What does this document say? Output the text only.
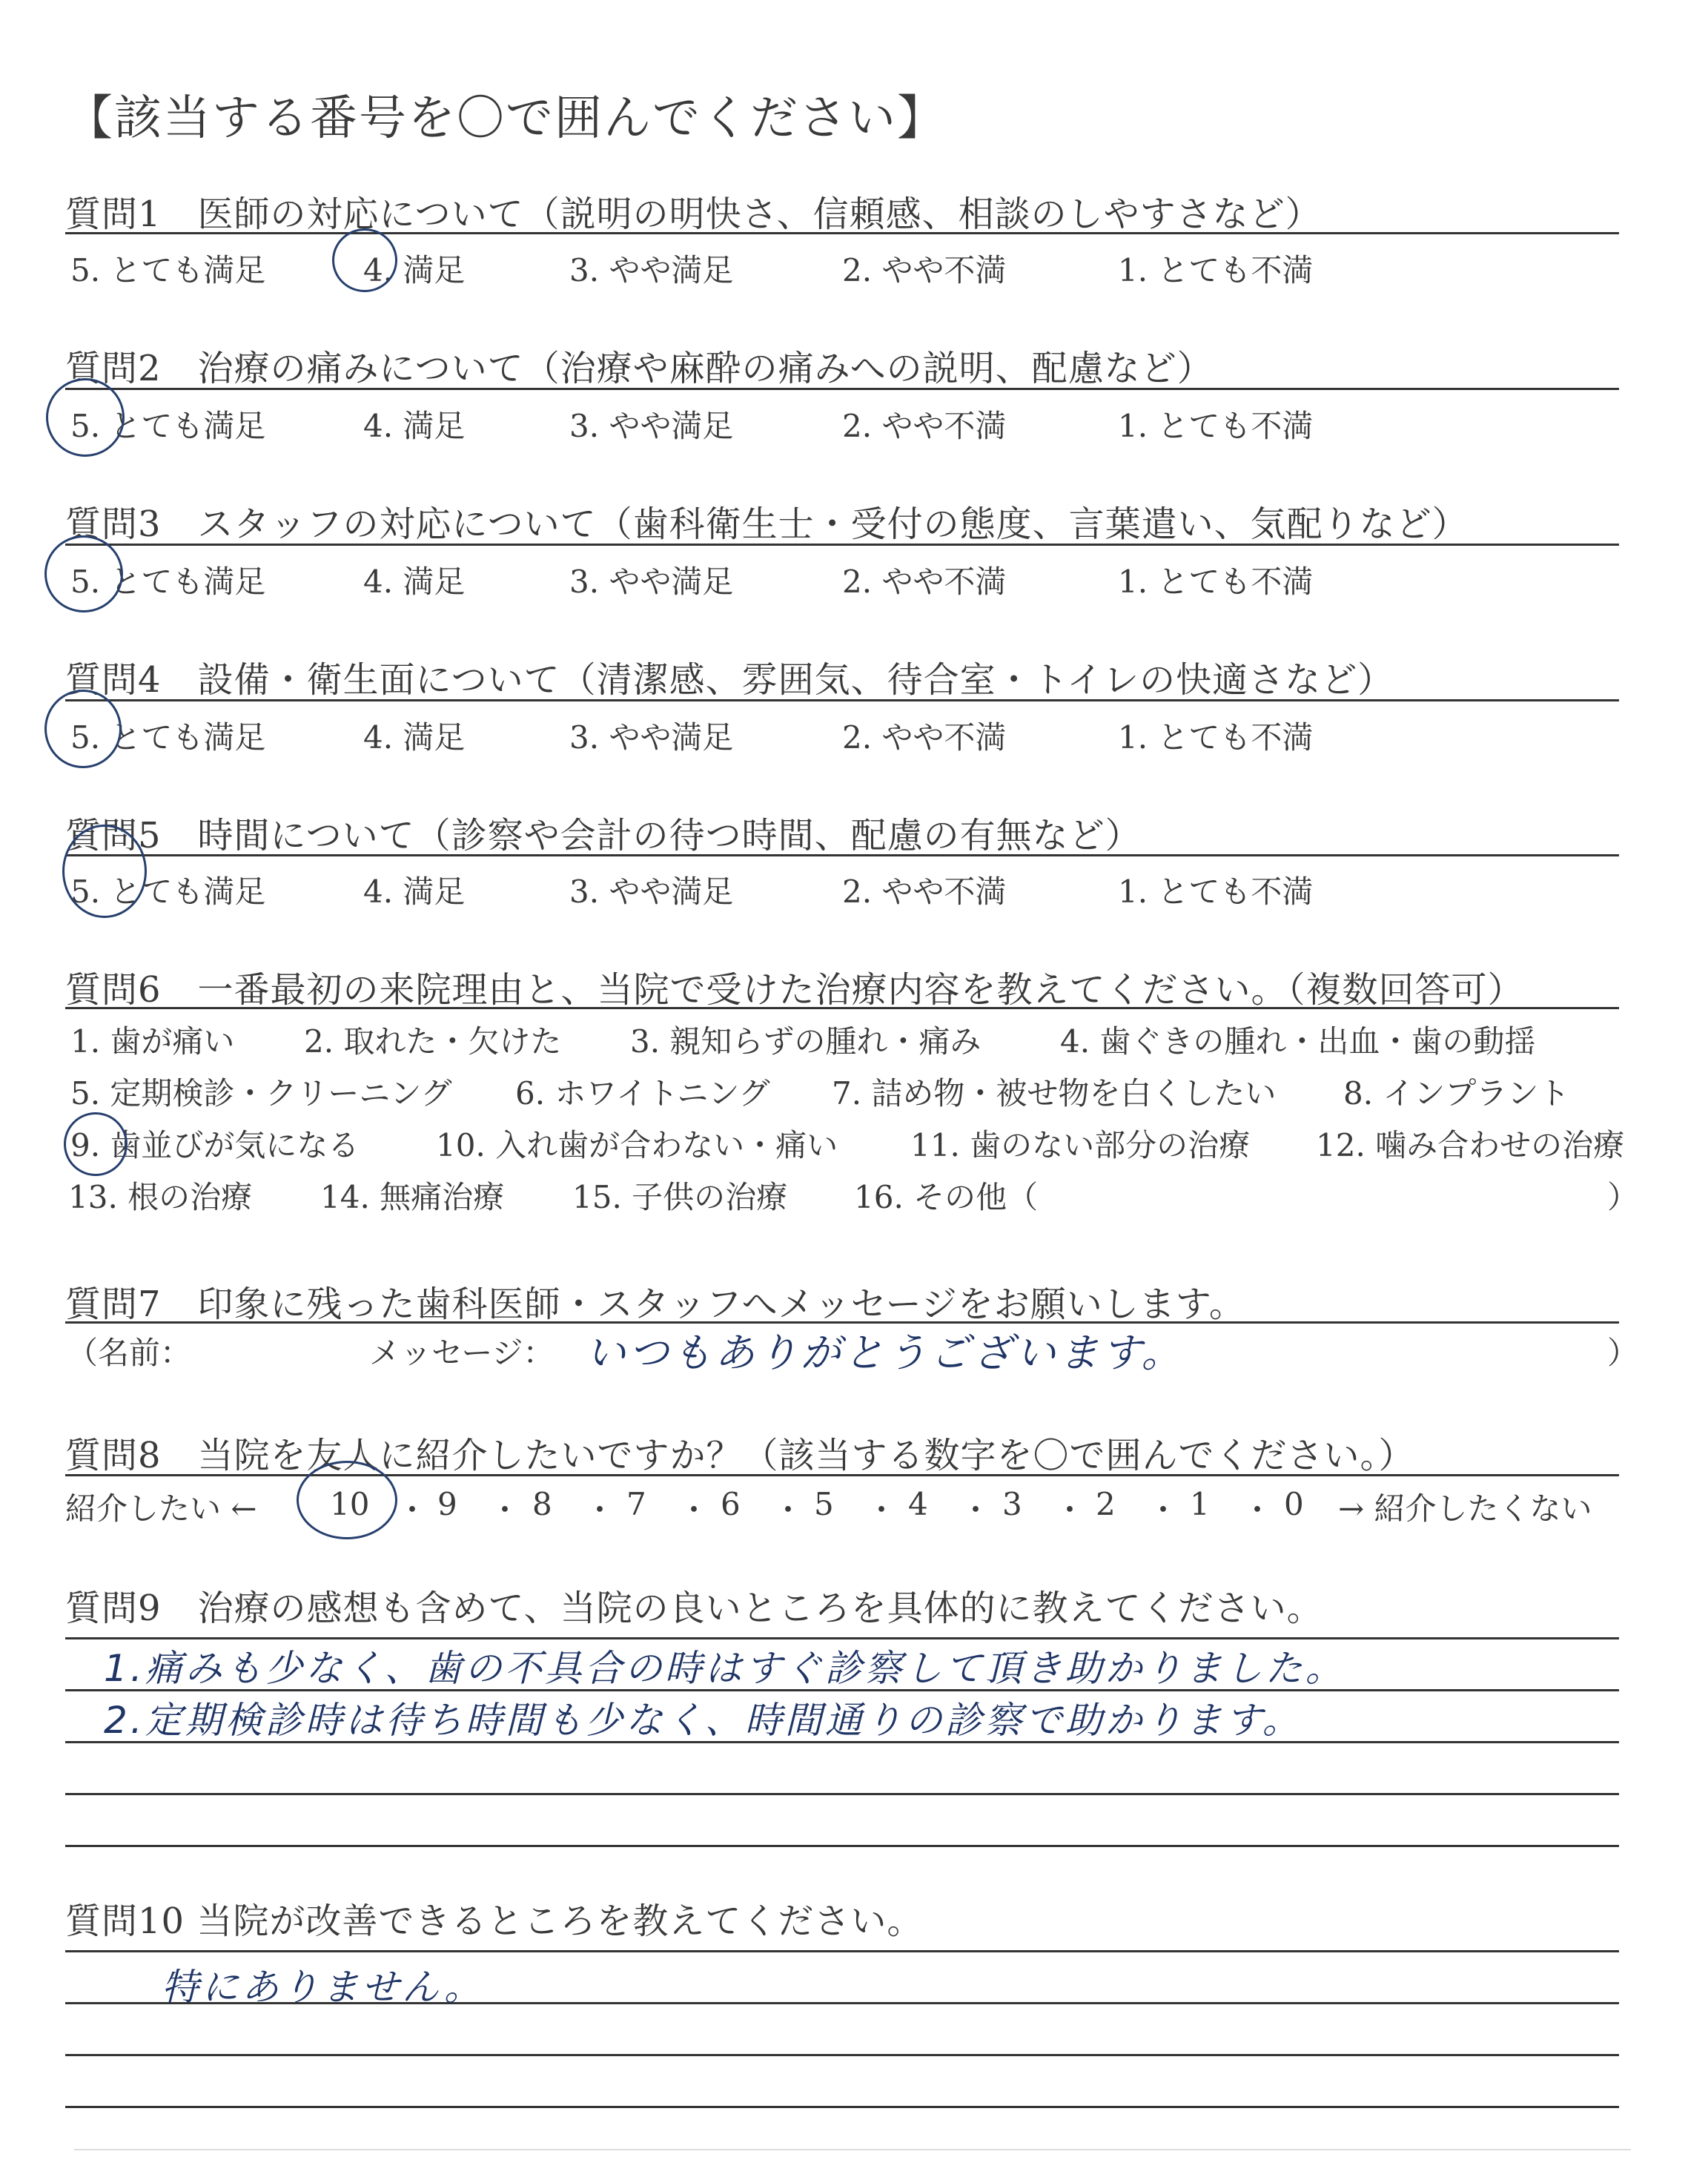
【該当する番号を〇で囲んでください】
質問1　医師の対応について（説明の明快さ、信頼感、相談のしやすさなど）
5. とても満足	4. 満足	3. やや満足	2. やや不満	1. とても不満
質問2　治療の痛みについて（治療や麻酔の痛みへの説明、配慮など）
5. とても満足	4. 満足	3. やや満足	2. やや不満	1. とても不満
質問3　スタッフの対応について（歯科衛生士・受付の態度、言葉遣い、気配りなど）
5. とても満足	4. 満足	3. やや満足	2. やや不満	1. とても不満
質問4　設備・衛生面について（清潔感、雰囲気、待合室・トイレの快適さなど）
5. とても満足	4. 満足	3. やや満足	2. やや不満	1. とても不満
質問5　時間について（診察や会計の待つ時間、配慮の有無など）
5. とても満足	4. 満足	3. やや満足	2. やや不満	1. とても不満
質問6　一番最初の来院理由と、当院で受けた治療内容を教えてください。（複数回答可）
1. 歯が痛い 2. 取れた・欠けた 3. 親知らずの腫れ・痛み	4. 歯ぐきの腫れ・出血・歯の動揺
5. 定期検診・クリーニング 6. ホワイトニング 7. 詰め物・被せ物を白くしたい 8. インプラント
9. 歯並びが気になる 10. 入れ歯が合わない・痛い 11. 歯のない部分の治療 12. 噛み合わせの治療
13. 根の治療 14. 無痛治療 15. 子供の治療 16. その他（	）
質問7　印象に残った歯科医師・スタッフへメッセージをお願いします。
（名前：	メッセージ： いつもありがとうございます。	）
質問8　当院を友人に紹介したいですか？（該当する数字を〇で囲んでください。）
紹介したい ← 10 ・ 9 ・ 8 ・ 7 ・ 6 ・ 5 ・ 4 ・ 3 ・ 2 ・ 1 ・ 0 → 紹介したくない
質問9　治療の感想も含めて、当院の良いところを具体的に教えてください。
1.痛みも少なく、歯の不具合の時はすぐ診察して頂き助かりました。
2.定期検診時は待ち時間も少なく、時間通りの診察で助かります。
質問10 当院が改善できるところを教えてください。
特にありません。
